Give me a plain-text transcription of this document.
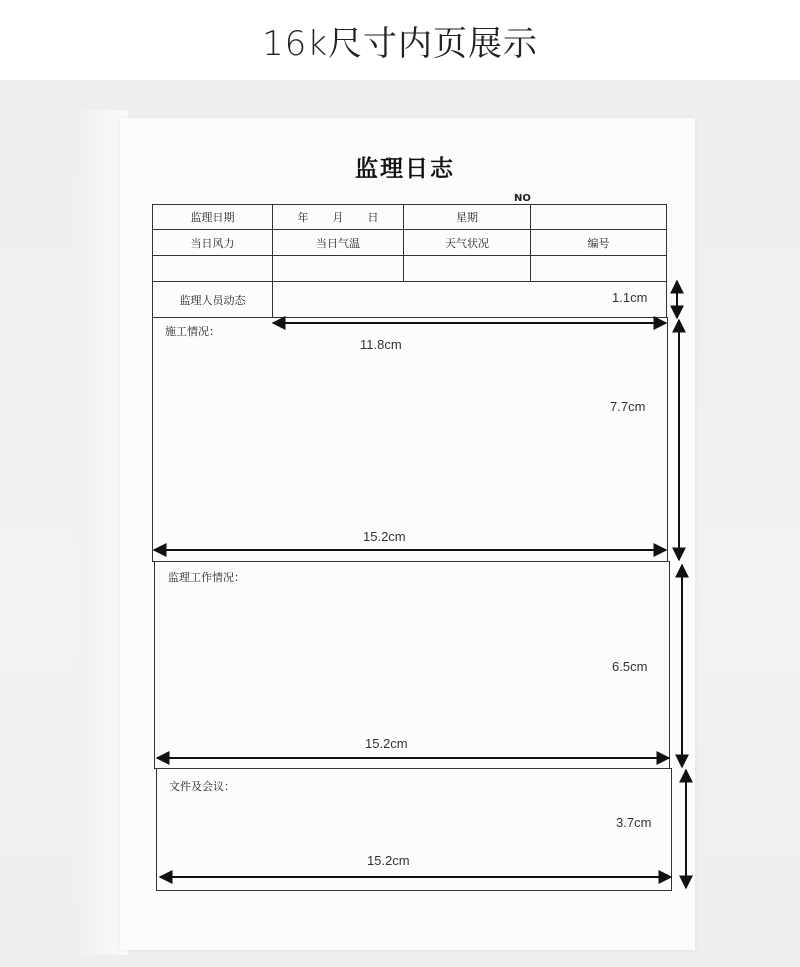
16k尺寸内页展示
监理日志
NO
监理日期	年 月 日	星期
当日风力	当日气温	天气状况	编号
监理人员动态
施工情况：
监理工作情况：
文件及会议：
1.1cm
11.8cm
7.7cm
15.2cm
6.5cm
15.2cm
3.7cm
15.2cm
